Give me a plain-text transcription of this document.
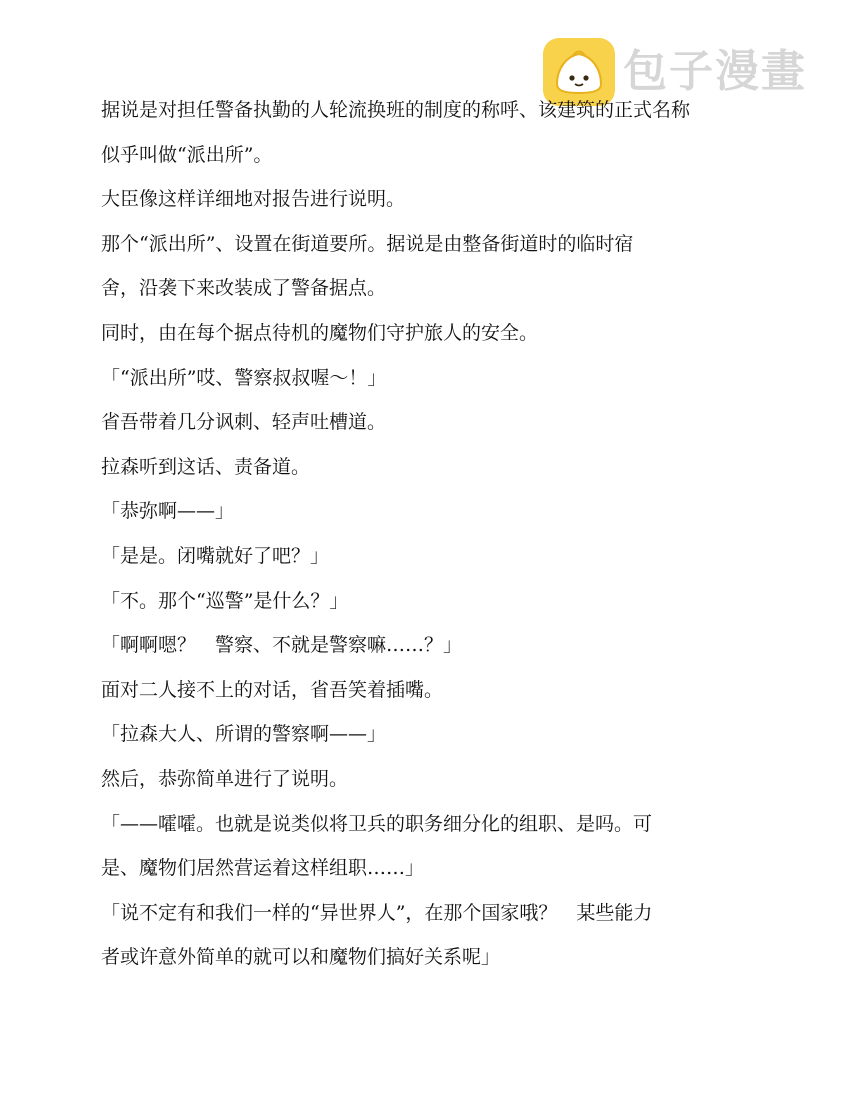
包子漫畫
据说是对担任警备执勤的人轮流换班的制度的称呼、该建筑的正式名称
似乎叫做“派出所”。
大臣像这样详细地对报告进行说明。
那个“派出所”、设置在街道要所。据说是由整备街道时的临时宿
舍，沿袭下来改装成了警备据点。
同时，由在每个据点待机的魔物们守护旅人的安全。
「“派出所”哎、警察叔叔喔～！」
省吾带着几分讽刺、轻声吐槽道。
拉森听到这话、责备道。
「恭弥啊——」
「是是。闭嘴就好了吧？」
「不。那个“巡警”是什么？」
「啊啊嗯？　警察、不就是警察嘛……？」
面对二人接不上的对话，省吾笑着插嘴。
「拉森大人、所谓的警察啊——」
然后，恭弥简单进行了说明。
「——嚯嚯。也就是说类似将卫兵的职务细分化的组职、是吗。可
是、魔物们居然营运着这样组职……」
「说不定有和我们一样的“异世界人”，在那个国家哦？　某些能力
者或许意外简单的就可以和魔物们搞好关系呢」
